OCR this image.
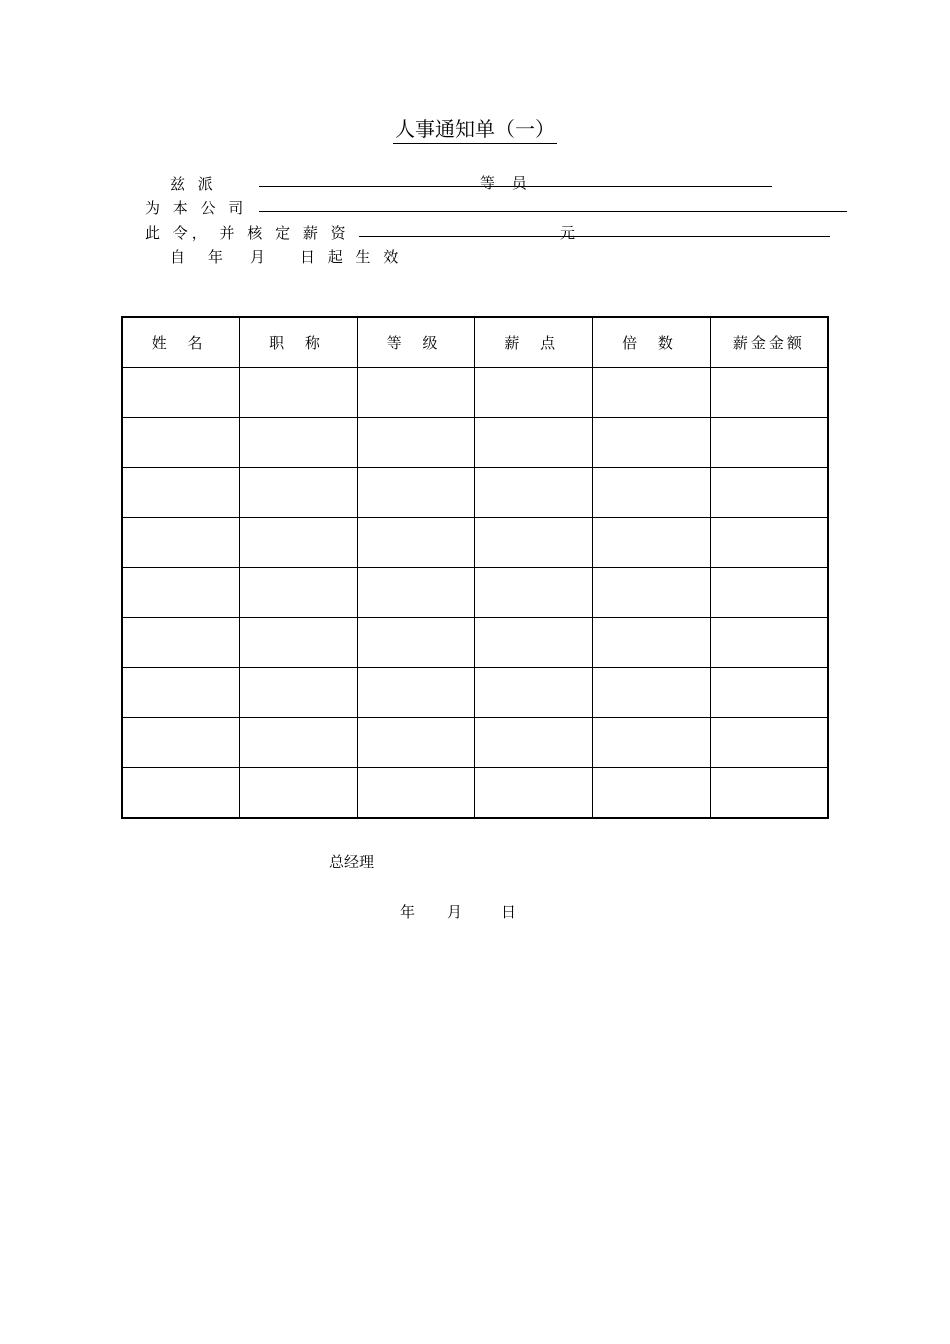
人事通知单（一）
兹 派	等 员
为 本 公 司
此 令， 并 核 定 薪 资	元
自 年 月 日 起 生 效
姓 名	职 称	等 级	薪 点	倍 数	薪金金额

总经理
年 月	日
